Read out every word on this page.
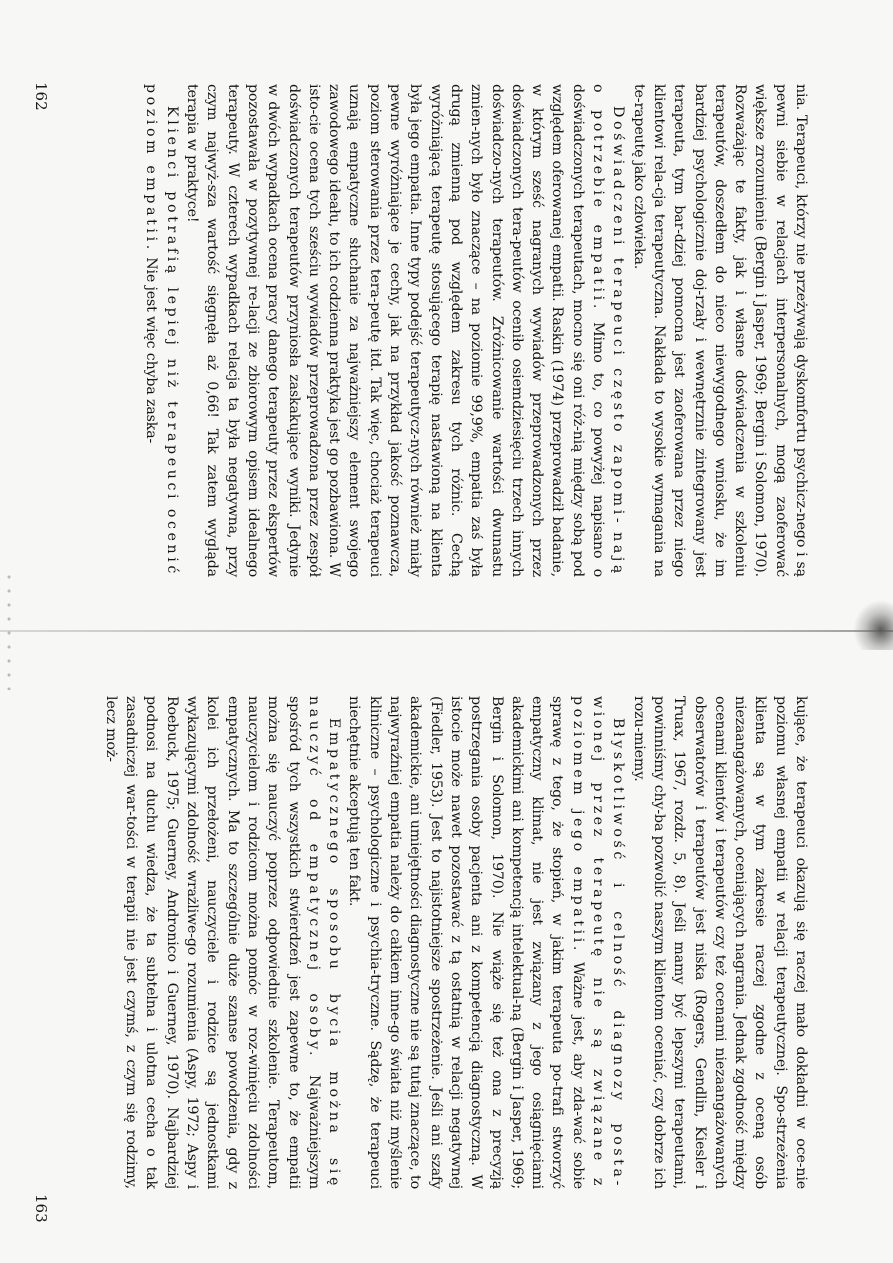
nia. Terapeuci, którzy nie przeżywają dyskomfortu psychicz-nego i są pewni siebie w relacjach interpersonalnych, mogą zaoferować większe zrozumienie (Bergin i Jasper, 1969; Bergin i Solomon, 1970). Rozważając te fakty, jak i własne doświadczenia w szkoleniu terapeutów, doszedłem do nieco niewygodnego wniosku, że im bardziej psychologicznie doj-rzały i wewnętrznie zintegrowany jest terapeuta, tym bar-dziej pomocna jest zaoferowana przez niego klientowi rela-cja terapeutyczna. Nakłada to wysokie wymagania na te-rapeutę jako człowieka.

Doświadczeni terapeuci często zapomi- nają o potrzebie empatii. Mimo to, co powyżej napisano o doświadczonych terapeutach, mocno się oni róż-nią między sobą pod względem oferowanej empatii. Raskin (1974) przeprowadził badanie, w którym sześć nagranych wywiadów przeprowadzonych przez doświadczonych tera-peutów oceniło osiemdziesięciu trzech innych doświadczo-nych terapeutów. Zróżnicowanie wartości dwunastu zmien-nych było znaczące – na poziomie 99,9%, empatia zaś była drugą zmienną pod względem zakresu tych różnic. Cechą wyróżniającą terapeutę stosującego terapię nastawioną na klienta była jego empatia. Inne typy podejść terapeutycz-nych również miały pewne wyróżniające je cechy, jak na przykład jakość poznawcza, poziom sterowania przez tera-peutę itd. Tak więc, chociaż terapeuci uznają empatyczne słuchanie za najważniejszy element swojego zawodowego ideału, to ich codzienna praktyka jest go pozbawiona. W isto-cie ocena tych sześciu wywiadów przeprowadzona przez zespół doświadczonych terapeutów przyniosła zaskakujące wyniki. Jedynie w dwóch wypadkach ocena pracy danego terapeuty przez ekspertów pozostawała w pozytywnej re-lacji ze zbiorowym opisem idealnego terapeuty. W czterech wypadkach relacja ta była negatywna, przy czym najwyż-sza wartość sięgnęła aż 0,66! Tak zatem wygląda terapia w praktyce!

Klienci potrafią lepiej niż terapeuci ocenić poziom empatii. Nie jest więc chyba zaska-

162

kujące, że terapeuci okazują się raczej mało dokładni w oce-nie poziomu własnej empatii w relacji terapeutycznej. Spo-strzeżenia klienta są w tym zakresie raczej zgodne z oceną osób niezaangażowanych, oceniających nagrania. Jednak zgodność między ocenami klientów i terapeutów czy też ocenami niezaangażowanych obserwatorów i terapeutów jest niska (Rogers, Gendlin, Kiesler i Truax, 1967, rozdz. 5, 8). Jeśli mamy być lepszymi terapeutami, powinniśmy chy-ba pozwolić naszym klientom oceniać, czy dobrze ich rozu-miemy.

Błyskotliwość i celność diagnozy posta- wionej przez terapeutę nie są związane z poziomem jego empatii. Ważne jest, aby zda-wać sobie sprawę z tego, że stopień, w jakim terapeuta po-trafi stworzyć empatyczny klimat, nie jest związany z jego osiągnięciami akademickimi ani kompetencją intelektual-ną (Bergin i Jasper, 1969; Bergin i Solomon, 1970). Nie wiąże się też ona z precyzją postrzegania osoby pacjenta ani z kompetencją diagnostyczną. W istocie może nawet pozostawać z tą ostatnią w relacji negatywnej (Fiedler, 1953). Jest to najistotniejsze spostrzeżenie. Jeśli ani szafy akademickie, ani umiejętności diagnostyczne nie są tutaj znaczące, to najwyraźniej empatia należy do całkiem inne-go świata niż myślenie kliniczne – psychologiczne i psychia-tryczne. Sądzę, że terapeuci niechętnie akceptują ten fakt.

Empatycznego sposobu bycia można się nauczyć od empatycznej osoby. Najważniejszym spośród tych wszystkich stwierdzeń jest zapewne to, że empatii można się nauczyć poprzez odpowiednie szkolenie. Terapeutom, nauczycielom i rodzicom można pomóc w roz-winięciu zdolności empatycznych. Ma to szczególnie duże szanse powodzenia, gdy z kolei ich przełożeni, nauczyciele i rodzice są jednostkami wykazującymi zdolność wrażliwe-go rozumienia (Aspy, 1972; Aspy i Roebuck, 1975; Guerney, Andronico i Guerney, 1970). Najbardziej podnosi na duchu wiedza, że ta subtelna i ulotna cecha o tak zasadniczej war-tości w terapii nie jest czymś, z czym się rodzimy, lecz moż-

163
